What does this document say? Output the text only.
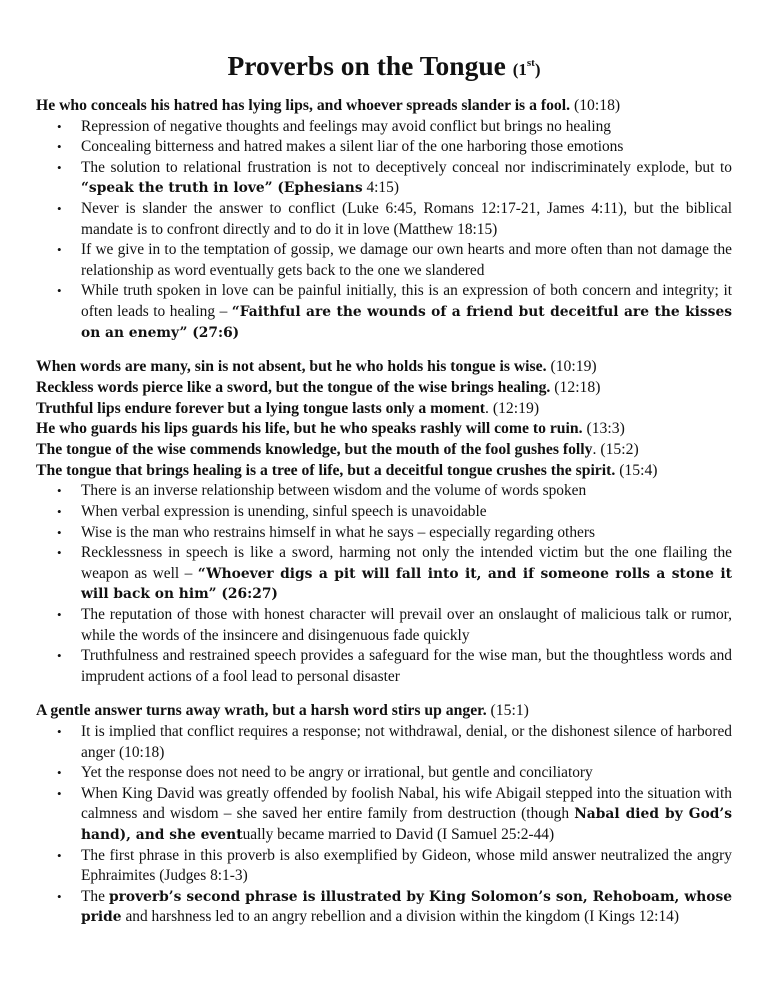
Proverbs on the Tongue (1st)

He who conceals his hatred has lying lips, and whoever spreads slander is a fool. (10:18)

• Repression of negative thoughts and feelings may avoid conflict but brings no healing
• Concealing bitterness and hatred makes a silent liar of the one harboring those emotions
• The solution to relational frustration is not to deceptively conceal nor indiscriminately explode, but to “speak the truth in love” (Ephesians 4:15)
• Never is slander the answer to conflict (Luke 6:45, Romans 12:17-21, James 4:11), but the biblical mandate is to confront directly and to do it in love (Matthew 18:15)
• If we give in to the temptation of gossip, we damage our own hearts and more often than not damage the relationship as word eventually gets back to the one we slandered
• While truth spoken in love can be painful initially, this is an expression of both concern and integrity; it often leads to healing – “Faithful are the wounds of a friend but deceitful are the kisses on an enemy” (27:6)

When words are many, sin is not absent, but he who holds his tongue is wise. (10:19)

Reckless words pierce like a sword, but the tongue of the wise brings healing. (12:18)

Truthful lips endure forever but a lying tongue lasts only a moment. (12:19)

He who guards his lips guards his life, but he who speaks rashly will come to ruin. (13:3)

The tongue of the wise commends knowledge, but the mouth of the fool gushes folly. (15:2)

The tongue that brings healing is a tree of life, but a deceitful tongue crushes the spirit. (15:4)

• There is an inverse relationship between wisdom and the volume of words spoken
• When verbal expression is unending, sinful speech is unavoidable
• Wise is the man who restrains himself in what he says – especially regarding others
• Recklessness in speech is like a sword, harming not only the intended victim but the one flailing the weapon as well – “Whoever digs a pit will fall into it, and if someone rolls a stone it will back on him” (26:27)
• The reputation of those with honest character will prevail over an onslaught of malicious talk or rumor, while the words of the insincere and disingenuous fade quickly
• Truthfulness and restrained speech provides a safeguard for the wise man, but the thoughtless words and imprudent actions of a fool lead to personal disaster

A gentle answer turns away wrath, but a harsh word stirs up anger. (15:1)

• It is implied that conflict requires a response; not withdrawal, denial, or the dishonest silence of harbored anger (10:18)
• Yet the response does not need to be angry or irrational, but gentle and conciliatory
• When King David was greatly offended by foolish Nabal, his wife Abigail stepped into the situation with calmness and wisdom – she saved her entire family from destruction (though Nabal died by God’s hand), and she eventually became married to David (I Samuel 25:2-44)
• The first phrase in this proverb is also exemplified by Gideon, whose mild answer neutralized the angry Ephraimites (Judges 8:1-3)
• The proverb’s second phrase is illustrated by King Solomon’s son, Rehoboam, whose pride and harshness led to an angry rebellion and a division within the kingdom (I Kings 12:14)
